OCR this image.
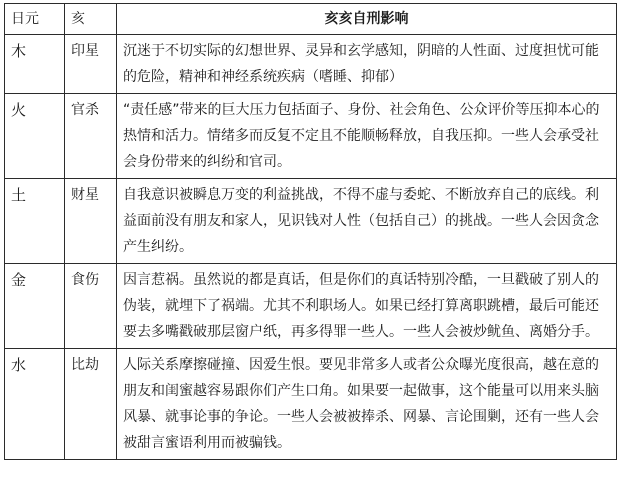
日元	亥	亥亥自刑影响
木	印星	沉迷于不切实际的幻想世界、灵异和玄学感知，阴暗的人性面、过度担忧可能的危险，精神和神经系统疾病（嗜睡、抑郁）
火	官杀	“责任感”带来的巨大压力包括面子、身份、社会角色、公众评价等压抑本心的热情和活力。情绪多而反复不定且不能顺畅释放，自我压抑。一些人会承受社会身份带来的纠纷和官司。
土	财星	自我意识被瞬息万变的利益挑战，不得不虚与委蛇、不断放弃自己的底线。利益面前没有朋友和家人，见识钱对人性（包括自己）的挑战。一些人会因贪念产生纠纷。
金	食伤	因言惹祸。虽然说的都是真话，但是你们的真话特别冷酷，一旦戳破了别人的伪装，就埋下了祸端。尤其不利职场人。如果已经打算离职跳槽，最后可能还要去多嘴戳破那层窗户纸，再多得罪一些人。一些人会被炒鱿鱼、离婚分手。
水	比劫	人际关系摩擦碰撞、因爱生恨。要见非常多人或者公众曝光度很高，越在意的朋友和闺蜜越容易跟你们产生口角。如果要一起做事，这个能量可以用来头脑风暴、就事论事的争论。一些人会被被捧杀、网暴、言论围剿，还有一些人会被甜言蜜语利用而被骗钱。
